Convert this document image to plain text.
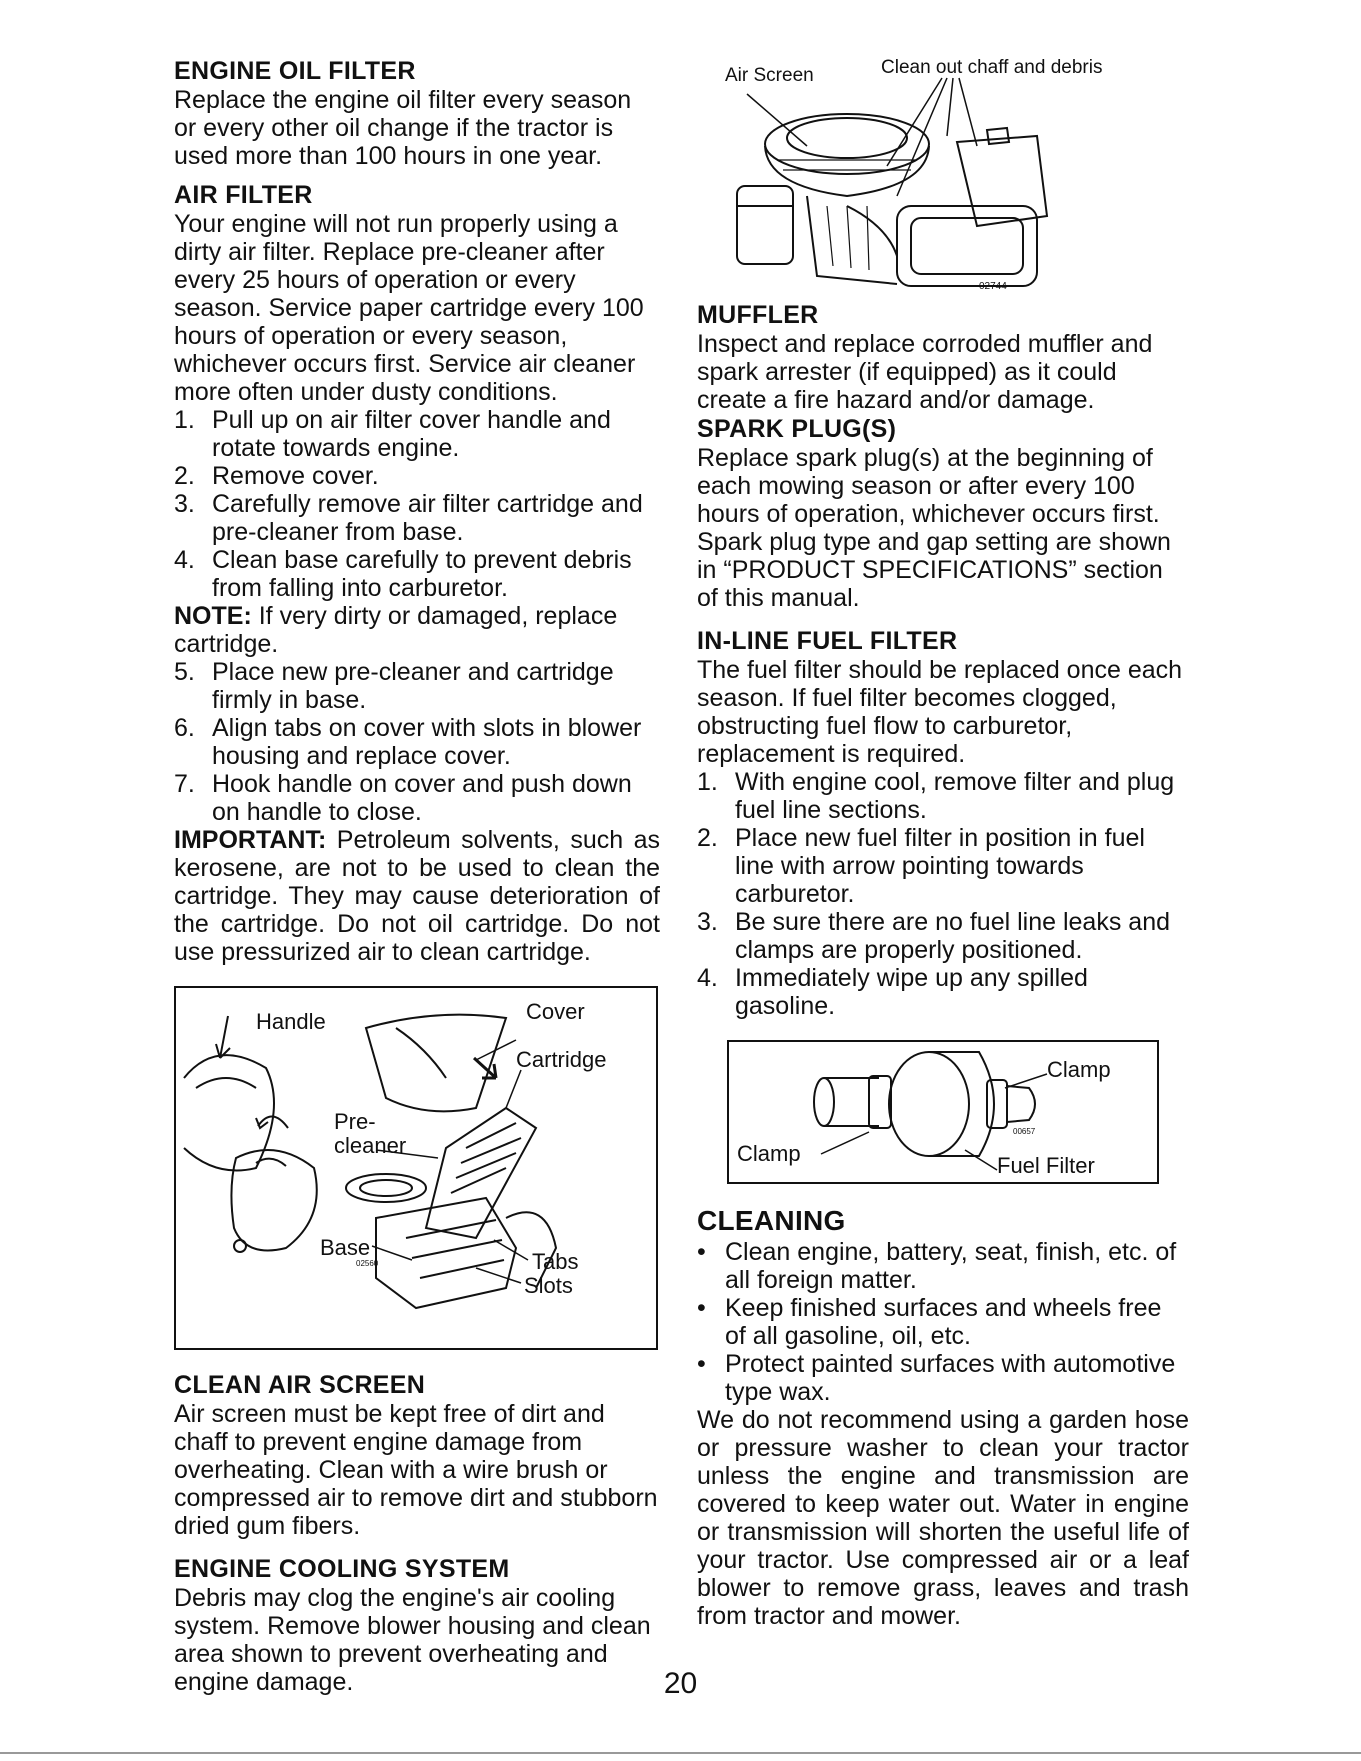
ENGINE OIL FILTER

Replace the engine oil filter every season or every other oil change if the tractor is used more than 100 hours in one year.

AIR FILTER

Your engine will not run properly using a dirty air filter. Replace pre-cleaner after every 25 hours of operation or every season. Service paper cartridge every 100 hours of operation or every season, whichever occurs first. Service air cleaner more often under dusty conditions.

1. Pull up on air filter cover handle and rotate towards engine.
2. Remove cover.
3. Carefully remove air filter cartridge and pre-cleaner from base.
4. Clean base carefully to prevent debris from falling into carburetor.

NOTE: If very dirty or damaged, replace cartridge.

5. Place new pre-cleaner and cartridge firmly in base.
6. Align tabs on cover with slots in blower housing and replace cover.
7. Hook handle on cover and push down on handle to close.

IMPORTANT: Petroleum solvents, such as kerosene, are not to be used to clean the cartridge. They may cause deterioration of the cartridge. Do not oil cartridge. Do not use pressurized air to clean cartridge.

Handle	Cover
Cartridge
Pre-
cleaner
Base
02560	Tabs
Slots
CLEAN AIR SCREEN

Air screen must be kept free of dirt and chaff to prevent engine damage from overheating. Clean with a wire brush or compressed air to remove dirt and stubborn dried gum fibers.

ENGINE COOLING SYSTEM

Debris may clog the engine's air cooling system. Remove blower housing and clean area shown to prevent overheating and engine damage.

Air Screen	Clean out chaff and debris
02744
MUFFLER

Inspect and replace corroded muffler and spark arrester (if equipped) as it could create a fire hazard and/or damage.

SPARK PLUG(S)

Replace spark plug(s) at the beginning of each mowing season or after every 100 hours of operation, whichever occurs first. Spark plug type and gap setting are shown in “PRODUCT SPECIFICATIONS” section of this manual.

IN-LINE FUEL FILTER

The fuel filter should be replaced once each season. If fuel filter becomes clogged, obstructing fuel flow to carburetor, replacement is required.

1. With engine cool, remove filter and plug fuel line sections.
2. Place new fuel filter in position in fuel line with arrow pointing towards carburetor.
3. Be sure there are no fuel line leaks and clamps are properly positioned.
4. Immediately wipe up any spilled gasoline.
Clamp
Clamp	Fuel Filter
00657
CLEANING
• Clean engine, battery, seat, finish, etc. of all foreign matter.
• Keep finished surfaces and wheels free of all gasoline, oil, etc.
• Protect painted surfaces with automotive type wax.

We do not recommend using a garden hose or pressure washer to clean your tractor unless the engine and transmission are covered to keep water out. Water in engine or transmission will shorten the useful life of your tractor. Use compressed air or a leaf blower to remove grass, leaves and trash from tractor and mower.

20
